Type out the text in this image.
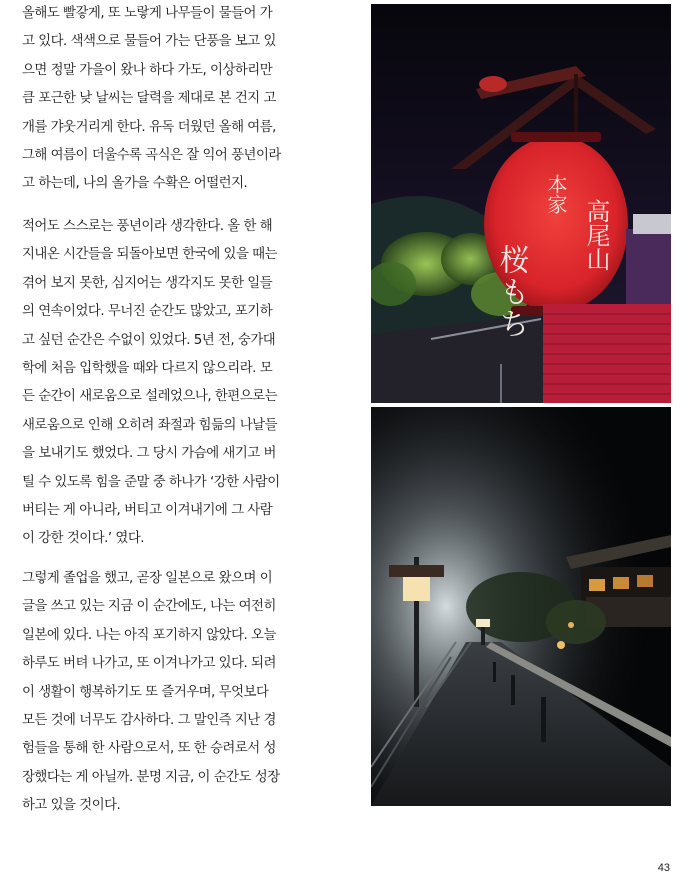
올해도 빨갛게, 또 노랗게 나무들이 물들어 가
고 있다. 색색으로 물들어 가는 단풍을 보고 있
으면 정말 가을이 왔나 하다 가도, 이상하리만
큼 포근한 낮 날씨는 달력을 제대로 본 건지 고
개를 갸웃거리게 한다. 유독 더웠던 올해 여름,
그해 여름이 더울수록 곡식은 잘 익어 풍년이라
고 하는데, 나의 올가을 수확은 어떨런지.
적어도 스스로는 풍년이라 생각한다. 올 한 해
지내온 시간들을 되돌아보면 한국에 있을 때는
겪어 보지 못한, 심지어는 생각지도 못한 일들
의 연속이었다. 무너진 순간도 많았고, 포기하
고 싶던 순간은 수없이 있었다. 5년 전, 숭가대
학에 처음 입학했을 때와 다르지 않으리라. 모
든 순간이 새로움으로 설레었으나, 한편으로는
새로움으로 인해 오히려 좌절과 힘듦의 나날들
을 보내기도 했었다. 그 당시 가슴에 새기고 버
틸 수 있도록 힘을 준말 중 하나가 ‘강한 사람이
버티는 게 아니라, 버티고 이겨내기에 그 사람
이 강한 것이다.’ 였다.
그렇게 졸업을 했고, 곧장 일본으로 왔으며 이
글을 쓰고 있는 지금 이 순간에도, 나는 여전히
일본에 있다. 나는 아직 포기하지 않았다. 오늘
하루도 버텨 나가고, 또 이겨나가고 있다. 되려
이 생활이 행복하기도 또 즐거우며, 무엇보다
모든 것에 너무도 감사하다. 그 말인즉 지난 경
험들을 통해 한 사람으로서, 또 한 승려로서 성
장했다는 게 아닐까. 분명 지금, 이 순간도 성장
하고 있을 것이다.
桜もち
本家
高尾山
43
